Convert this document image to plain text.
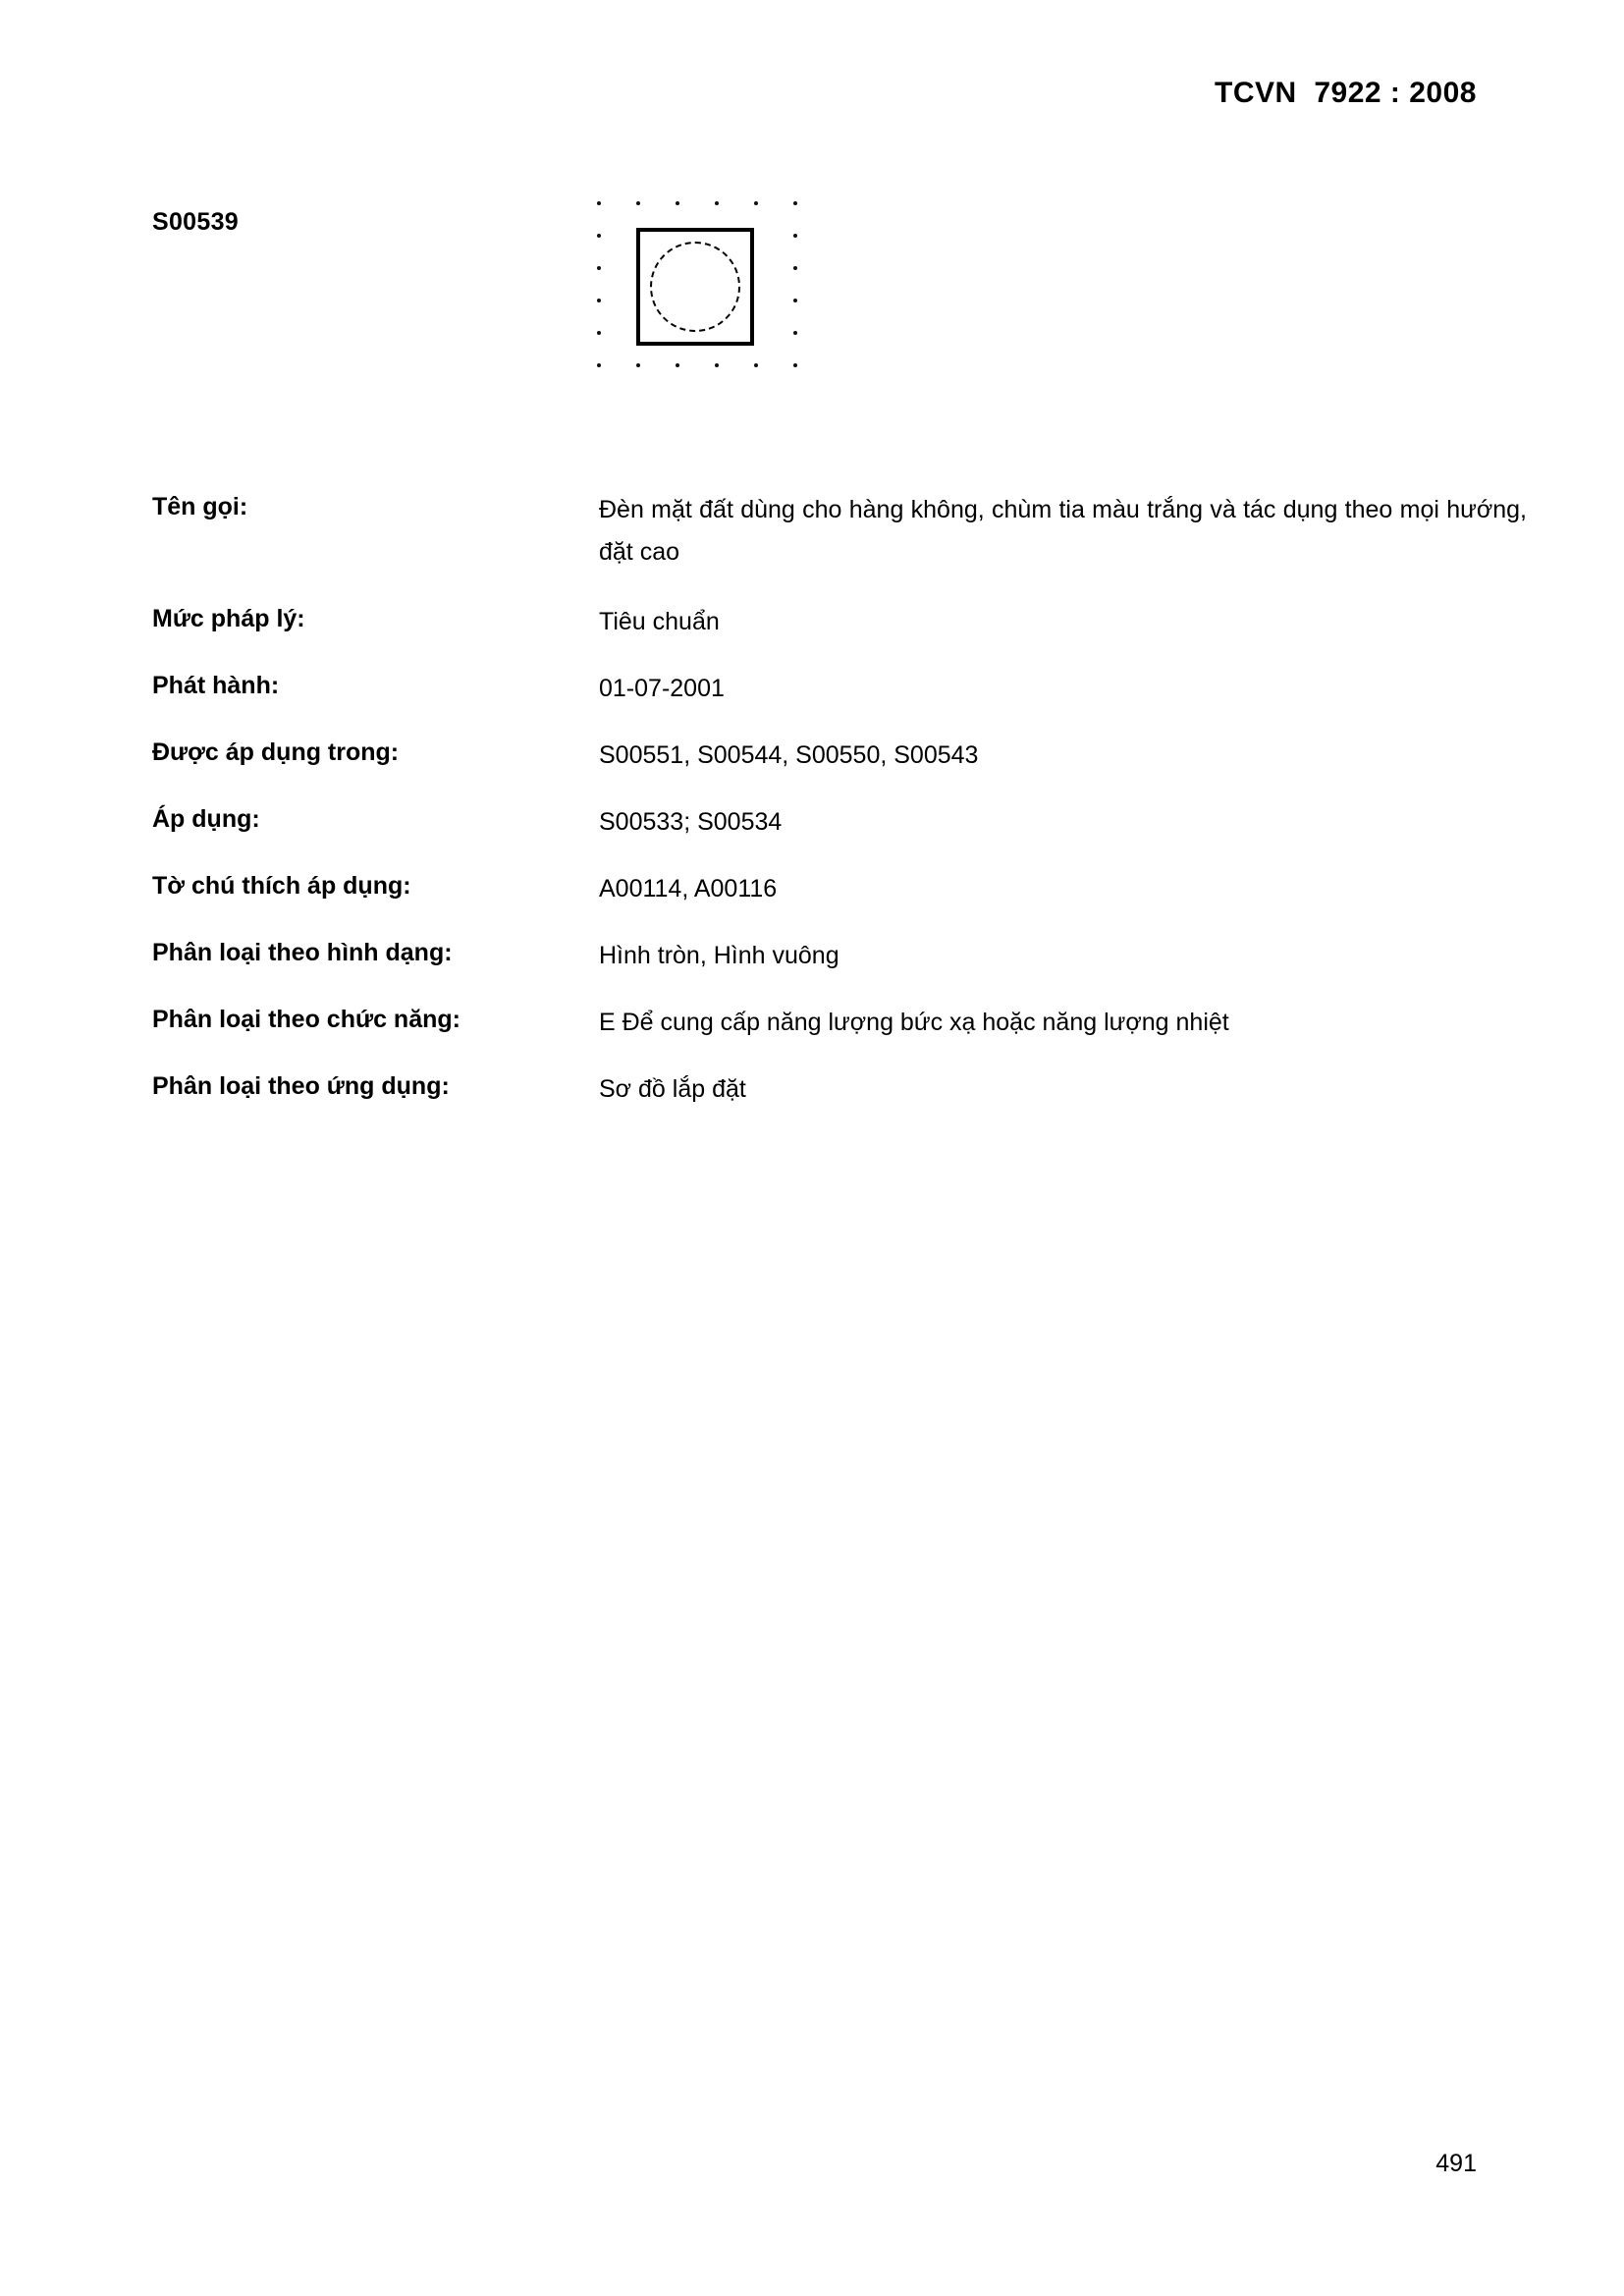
TCVN  7922 : 2008
S00539
Tên gọi:	Đèn mặt đất dùng cho hàng không, chùm tia màu trắng và tác dụng theo mọi hướng, đặt cao
Mức pháp lý:	Tiêu chuẩn
Phát hành:	01-07-2001
Được áp dụng trong:	S00551, S00544, S00550, S00543
Áp dụng:	S00533; S00534
Tờ chú thích áp dụng:	A00114, A00116
Phân loại theo hình dạng:	Hình tròn, Hình vuông
Phân loại theo chức năng:	E Để cung cấp năng lượng bức xạ hoặc năng lượng nhiệt
Phân loại theo ứng dụng:	Sơ đồ lắp đặt
491
